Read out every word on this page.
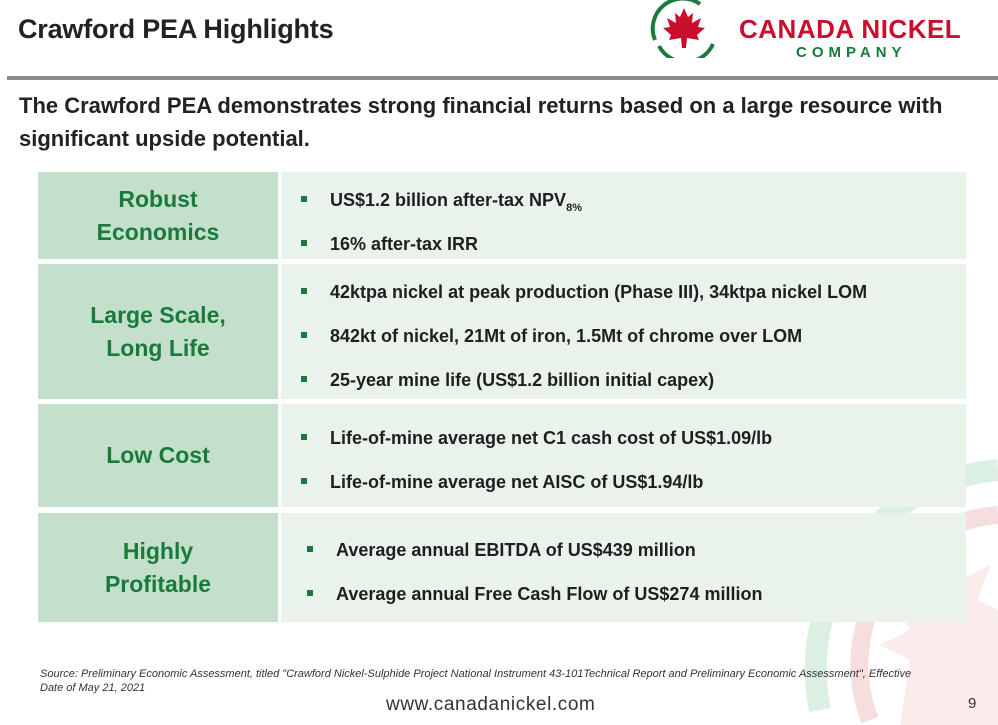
Crawford PEA Highlights	CANADA NICKEL
COMPANY
The Crawford PEA demonstrates strong financial returns based on a large resource with significant upside potential.
Robust
Economics
US$1.2 billion after-tax $NPV_{8\%}$
16% after-tax IRR
Large Scale,
Long Life
42ktpa nickel at peak production (Phase III), 34ktpa nickel LOM
842kt of nickel, 21Mt of iron, 1.5Mt of chrome over LOM
25-year mine life (US$1.2 billion initial capex)
Low Cost
Life-of-mine average net C1 cash cost of US$1.09/lb
Life-of-mine average net AISC of US$1.94/lb
Highly
Profitable
Average annual EBITDA of US$439 million
Average annual Free Cash Flow of US$274 million
Source: Preliminary Economic Assessment, titled "Crawford Nickel-Sulphide Project National Instrument 43-101Technical Report and Preliminary Economic Assessment", Effective Date of May 21, 2021
www.canadanickel.com	9
